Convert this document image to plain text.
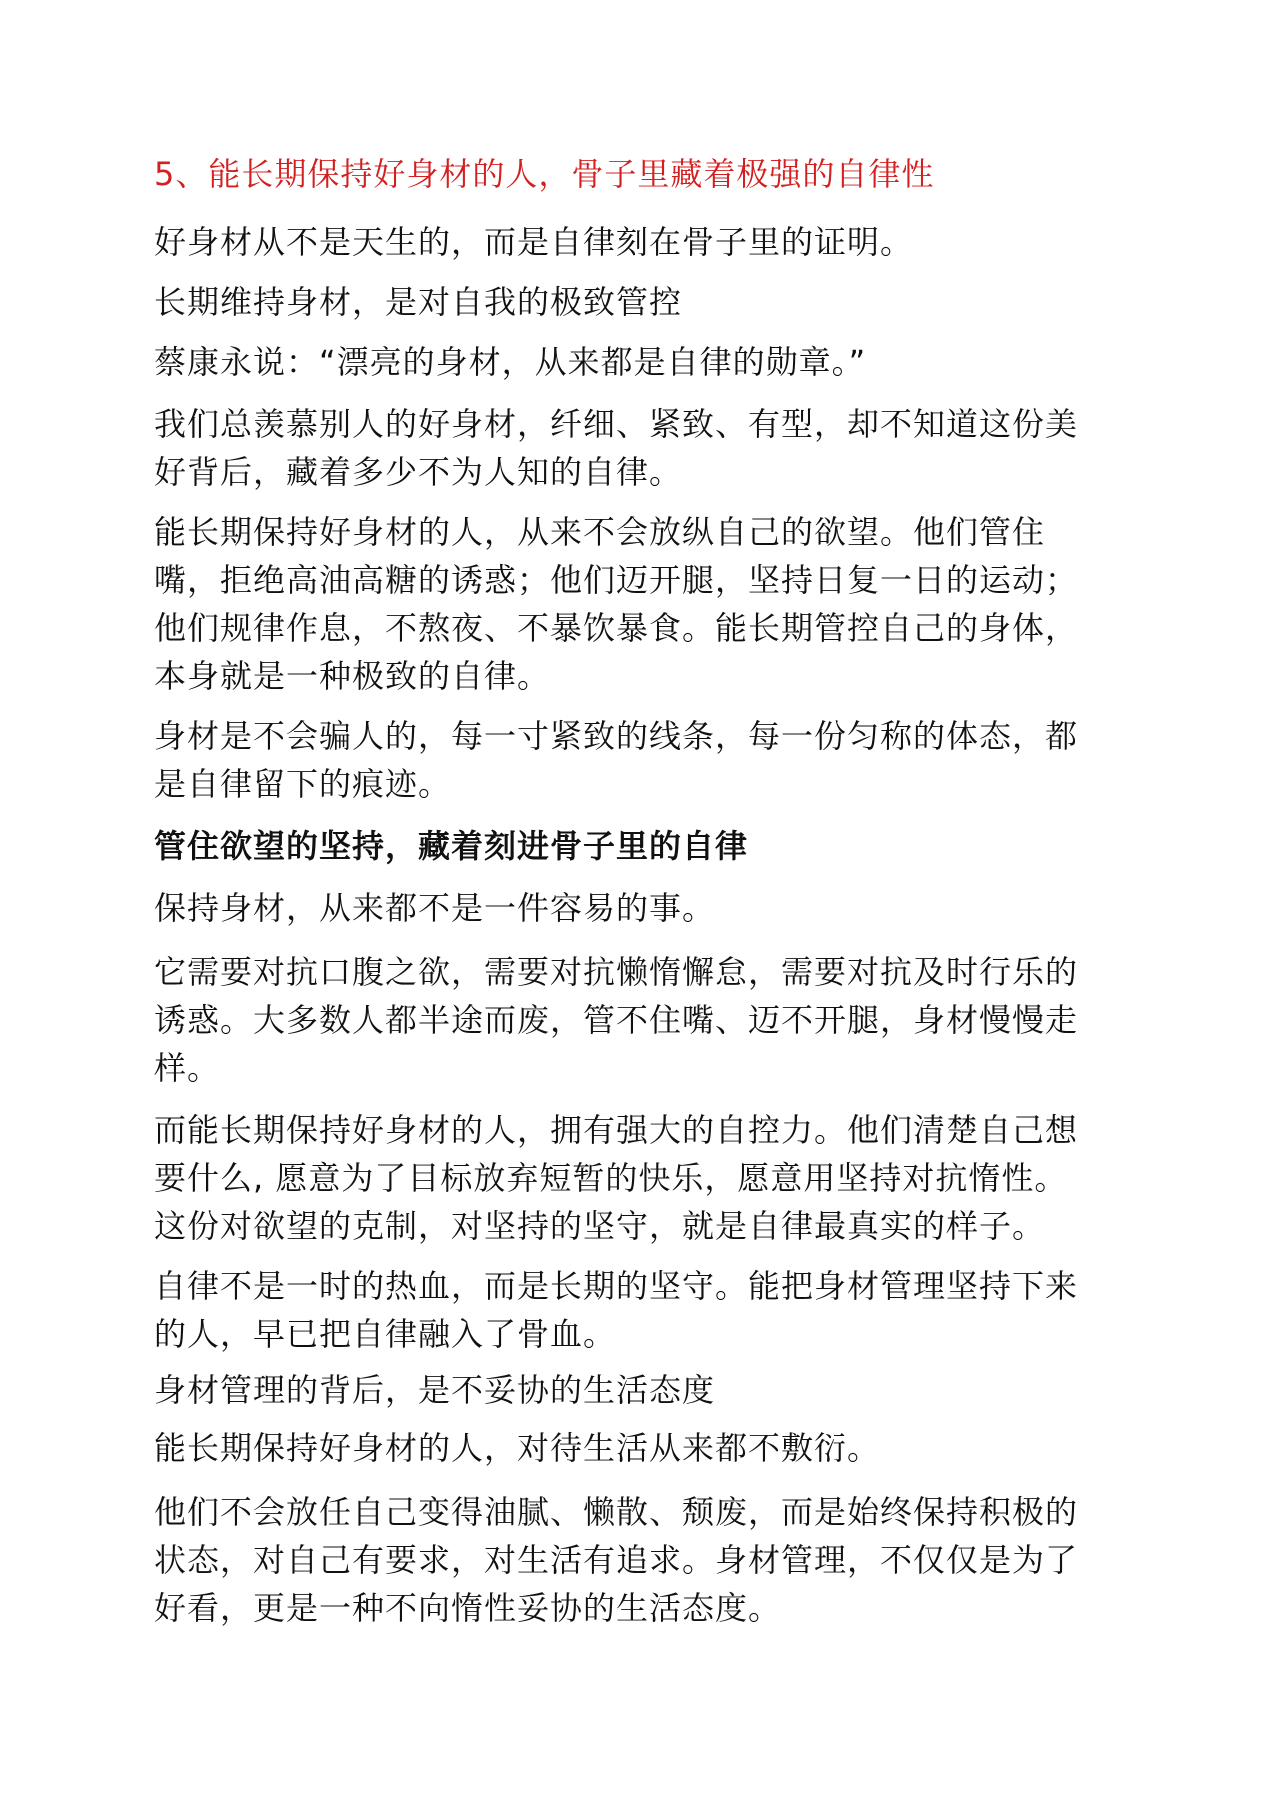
5、能长期保持好身材的人，骨子里藏着极强的自律性

好身材从不是天生的，而是自律刻在骨子里的证明。

长期维持身材，是对自我的极致管控

蔡康永说：“漂亮的身材，从来都是自律的勋章。”

我们总羡慕别人的好身材，纤细、紧致、有型，却不知道这份美
好背后，藏着多少不为人知的自律。

能长期保持好身材的人，从来不会放纵自己的欲望。他们管住
嘴，拒绝高油高糖的诱惑；他们迈开腿，坚持日复一日的运动；
他们规律作息，不熬夜、不暴饮暴食。能长期管控自己的身体，
本身就是一种极致的自律。

身材是不会骗人的，每一寸紧致的线条，每一份匀称的体态，都
是自律留下的痕迹。

管住欲望的坚持，藏着刻进骨子里的自律

保持身材，从来都不是一件容易的事。

它需要对抗口腹之欲，需要对抗懒惰懈怠，需要对抗及时行乐的
诱惑。大多数人都半途而废，管不住嘴、迈不开腿，身材慢慢走
样。

而能长期保持好身材的人，拥有强大的自控力。他们清楚自己想
要什么, 愿意为了目标放弃短暂的快乐，愿意用坚持对抗惰性。
这份对欲望的克制，对坚持的坚守，就是自律最真实的样子。

自律不是一时的热血，而是长期的坚守。能把身材管理坚持下来
的人，早已把自律融入了骨血。

身材管理的背后，是不妥协的生活态度

能长期保持好身材的人，对待生活从来都不敷衍。

他们不会放任自己变得油腻、懒散、颓废，而是始终保持积极的
状态，对自己有要求，对生活有追求。身材管理，不仅仅是为了
好看，更是一种不向惰性妥协的生活态度。
